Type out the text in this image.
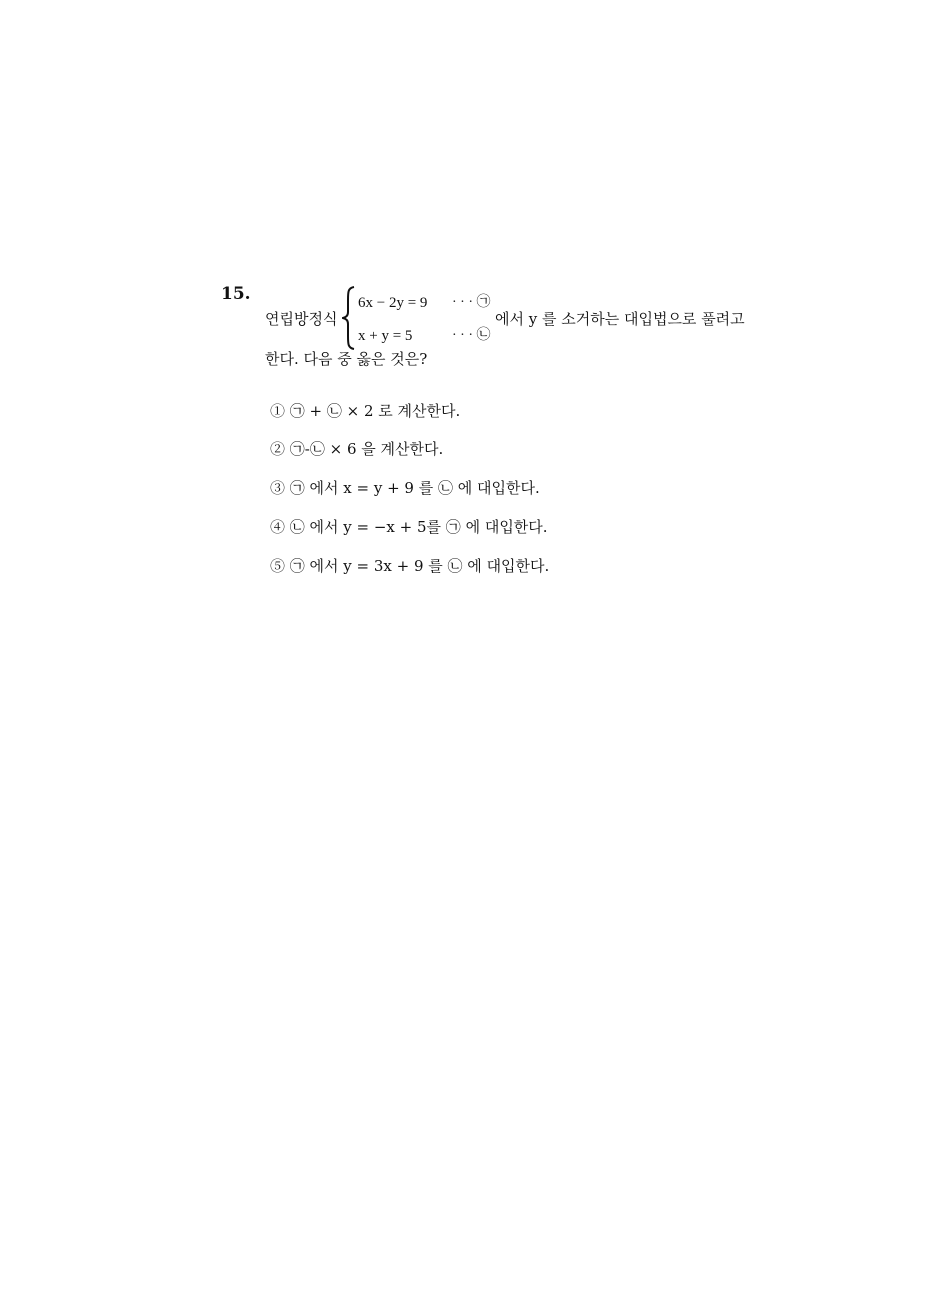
15.
연립방정식
6x − 2y = 9 · · · ㉠
x + y = 5	· · · ㉡
에서 y 를 소거하는 대입법으로 풀려고
한다. 다음 중 옳은 것은?
① ㉠ + ㉡ × 2 로 계산한다.
② ㉠-㉡ × 6 을 계산한다.
③ ㉠ 에서 x = y + 9 를 ㉡ 에 대입한다.
④ ㉡ 에서 y = −x + 5를 ㉠ 에 대입한다.
⑤ ㉠ 에서 y = 3x + 9 를 ㉡ 에 대입한다.
